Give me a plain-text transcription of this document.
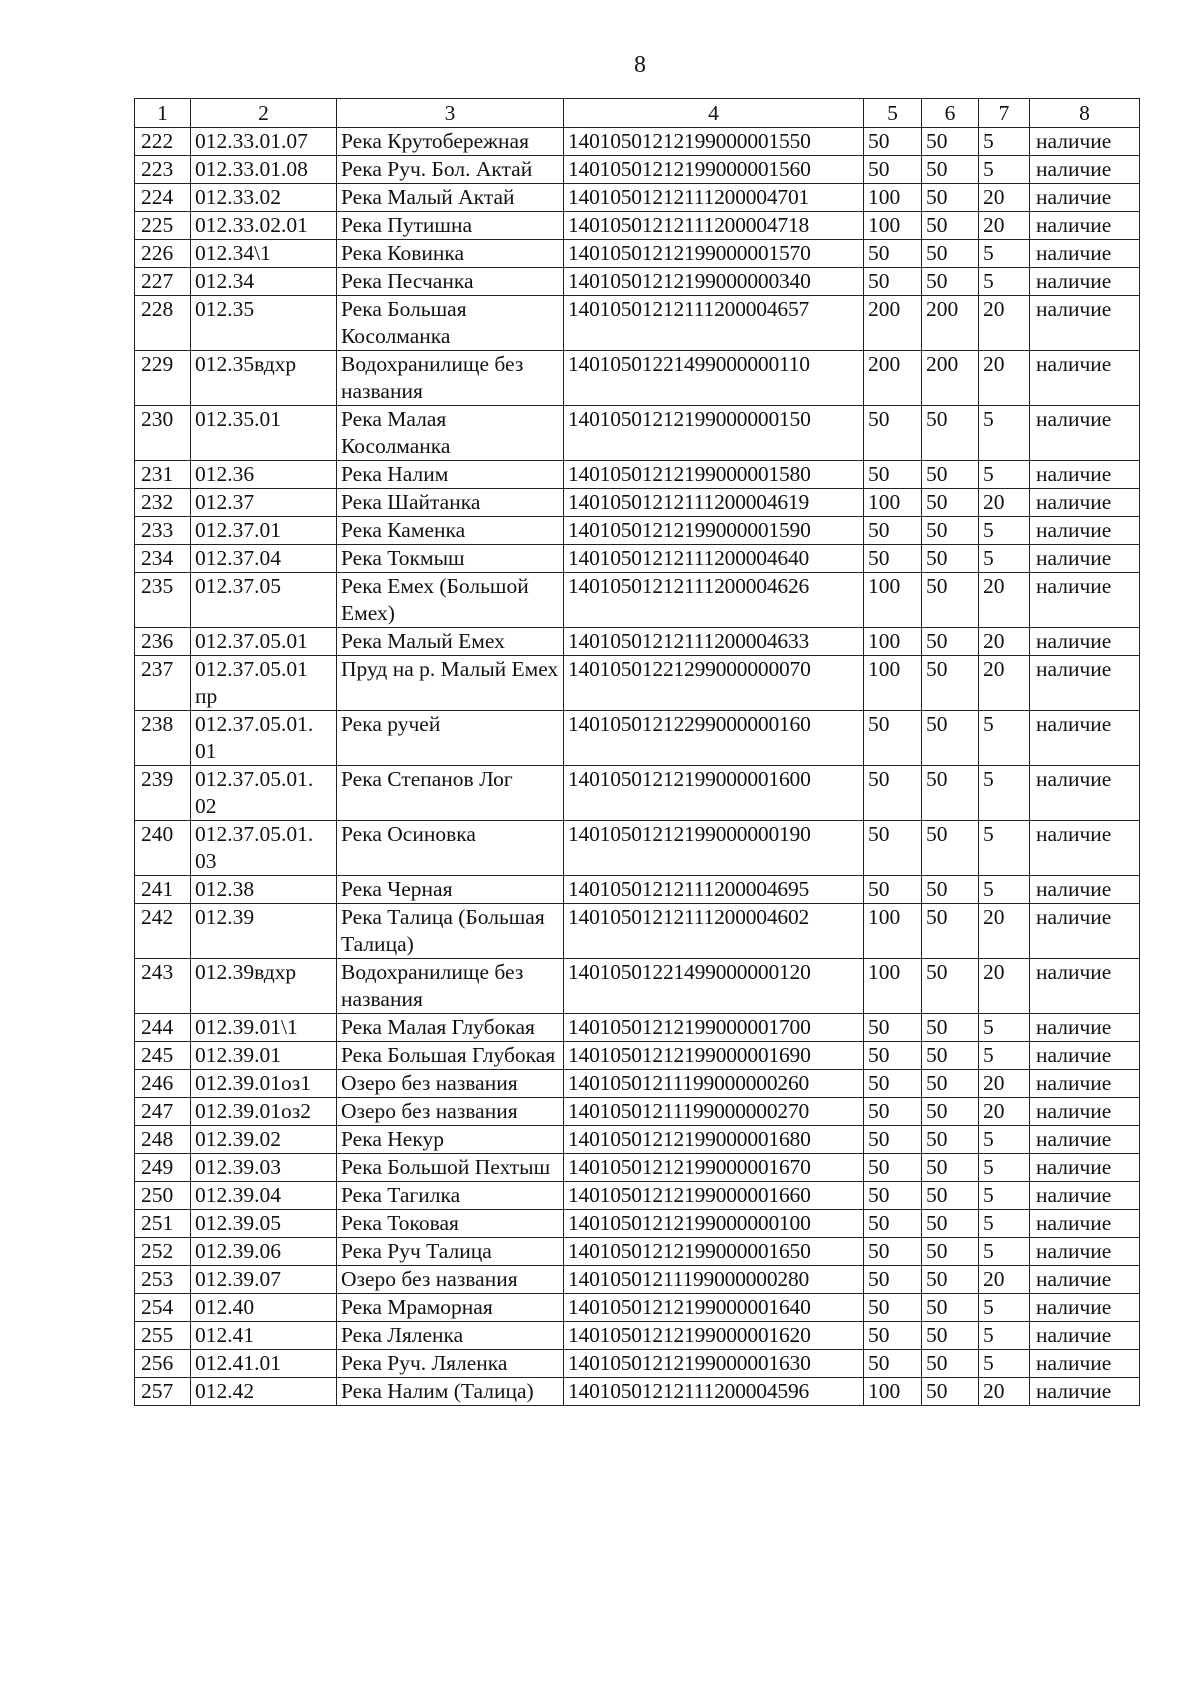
8
1	2	3	4	5	6	7	8
222	012.33.01.07	Река Крутобережная	14010501212199000001550	50	50	5	наличие
223	012.33.01.08	Река Руч. Бол. Актай	14010501212199000001560	50	50	5	наличие
224	012.33.02	Река Малый Актай	14010501212111200004701	100	50	20	наличие
225	012.33.02.01	Река Путишна	14010501212111200004718	100	50	20	наличие
226	012.34\1	Река Ковинка	14010501212199000001570	50	50	5	наличие
227	012.34	Река Песчанка	14010501212199000000340	50	50	5	наличие
228	012.35	Река Большая Косолманка	14010501212111200004657	200	200	20	наличие
229	012.35вдхр	Водохранилище без названия	14010501221499000000110	200	200	20	наличие
230	012.35.01	Река Малая Косолманка	14010501212199000000150	50	50	5	наличие
231	012.36	Река Налим	14010501212199000001580	50	50	5	наличие
232	012.37	Река Шайтанка	14010501212111200004619	100	50	20	наличие
233	012.37.01	Река Каменка	14010501212199000001590	50	50	5	наличие
234	012.37.04	Река Токмыш	14010501212111200004640	50	50	5	наличие
235	012.37.05	Река Емех (Большой Емех)	14010501212111200004626	100	50	20	наличие
236	012.37.05.01	Река Малый Емех	14010501212111200004633	100	50	20	наличие
237	012.37.05.01 пр	Пруд на р. Малый Емех	14010501221299000000070	100	50	20	наличие
238	012.37.05.01. 01	Река ручей	14010501212299000000160	50	50	5	наличие
239	012.37.05.01. 02	Река Степанов Лог	14010501212199000001600	50	50	5	наличие
240	012.37.05.01. 03	Река Осиновка	14010501212199000000190	50	50	5	наличие
241	012.38	Река Черная	14010501212111200004695	50	50	5	наличие
242	012.39	Река Талица (Большая Талица)	14010501212111200004602	100	50	20	наличие
243	012.39вдхр	Водохранилище без названия	14010501221499000000120	100	50	20	наличие
244	012.39.01\1	Река Малая Глубокая	14010501212199000001700	50	50	5	наличие
245	012.39.01	Река Большая Глубокая	14010501212199000001690	50	50	5	наличие
246	012.39.01оз1	Озеро без названия	14010501211199000000260	50	50	20	наличие
247	012.39.01оз2	Озеро без названия	14010501211199000000270	50	50	20	наличие
248	012.39.02	Река Некур	14010501212199000001680	50	50	5	наличие
249	012.39.03	Река Большой Пехтыш	14010501212199000001670	50	50	5	наличие
250	012.39.04	Река Тагилка	14010501212199000001660	50	50	5	наличие
251	012.39.05	Река Токовая	14010501212199000000100	50	50	5	наличие
252	012.39.06	Река Руч Талица	14010501212199000001650	50	50	5	наличие
253	012.39.07	Озеро без названия	14010501211199000000280	50	50	20	наличие
254	012.40	Река Мраморная	14010501212199000001640	50	50	5	наличие
255	012.41	Река Ляленка	14010501212199000001620	50	50	5	наличие
256	012.41.01	Река Руч. Ляленка	14010501212199000001630	50	50	5	наличие
257	012.42	Река Налим (Талица)	14010501212111200004596	100	50	20	наличие
